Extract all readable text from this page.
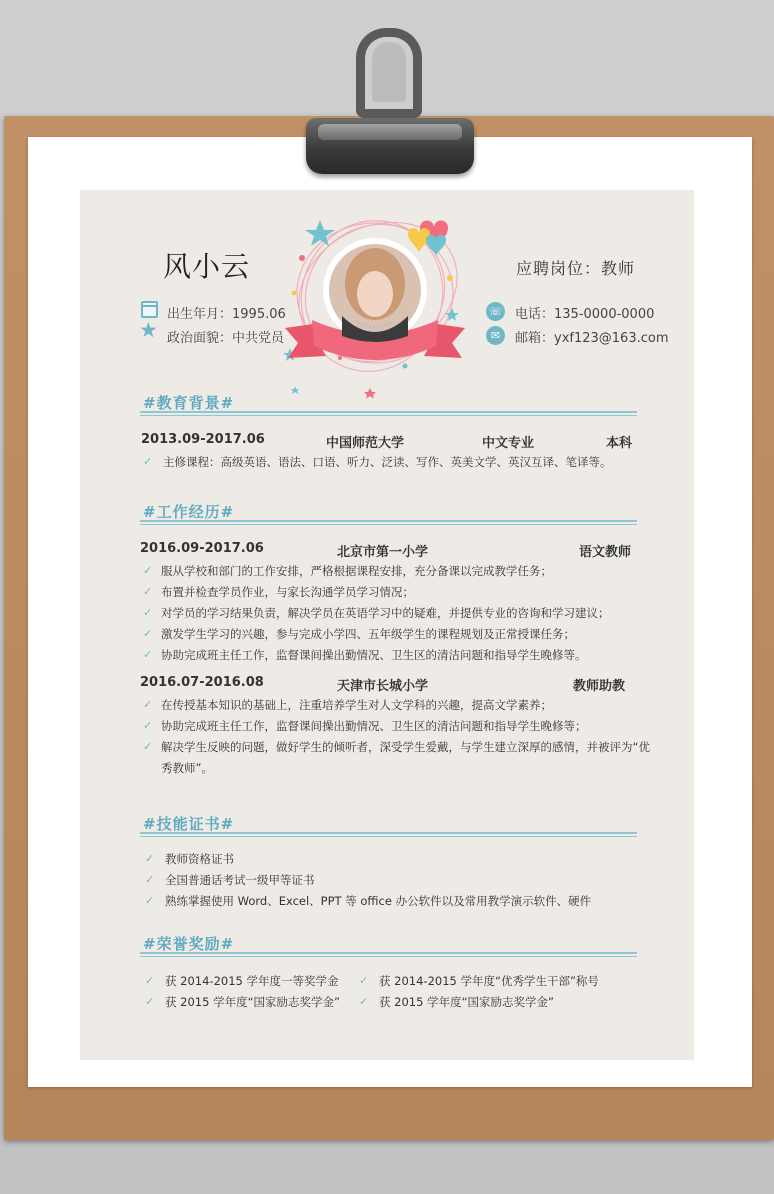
风小云	应聘岗位：教师
出生年月：1995.06
★ 政治面貌：中共党员
☏ 电话：135-0000-0000
✉	邮箱：yxf123@163.com
#教育背景#
2013.09-2017.06	中国师范大学	中文专业	本科
✓ 主修课程：高级英语、语法、口语、听力、泛读、写作、英美文学、英汉互译、笔译等。
#工作经历#
2016.09-2017.06	北京市第一小学	语文教师
✓ 服从学校和部门的工作安排，严格根据课程安排，充分备课以完成教学任务；
✓ 布置并检查学员作业，与家长沟通学员学习情况；
✓ 对学员的学习结果负责，解决学员在英语学习中的疑难，并提供专业的咨询和学习建议；
✓ 激发学生学习的兴趣，参与完成小学四、五年级学生的课程规划及正常授课任务；
✓ 协助完成班主任工作，监督课间操出勤情况、卫生区的清洁问题和指导学生晚修等。
2016.07-2016.08	天津市长城小学	教师助教
✓ 在传授基本知识的基础上，注重培养学生对人文学科的兴趣，提高文学素养；
✓ 协助完成班主任工作，监督课间操出勤情况、卫生区的清洁问题和指导学生晚修等；
✓ 解决学生反映的问题，做好学生的倾听者，深受学生爱戴，与学生建立深厚的感情，并被评为“优
秀教师”。
#技能证书#
✓ 教师资格证书
✓ 全国普通话考试一级甲等证书
✓ 熟练掌握使用 Word、Excel、PPT 等 office 办公软件以及常用教学演示软件、硬件
#荣誉奖励#
✓ 获 2014-2015 学年度一等奖学金 ✓ 获 2014-2015 学年度“优秀学生干部”称号
✓ 获 2015 学年度“国家励志奖学金” ✓ 获 2015 学年度“国家励志奖学金”
